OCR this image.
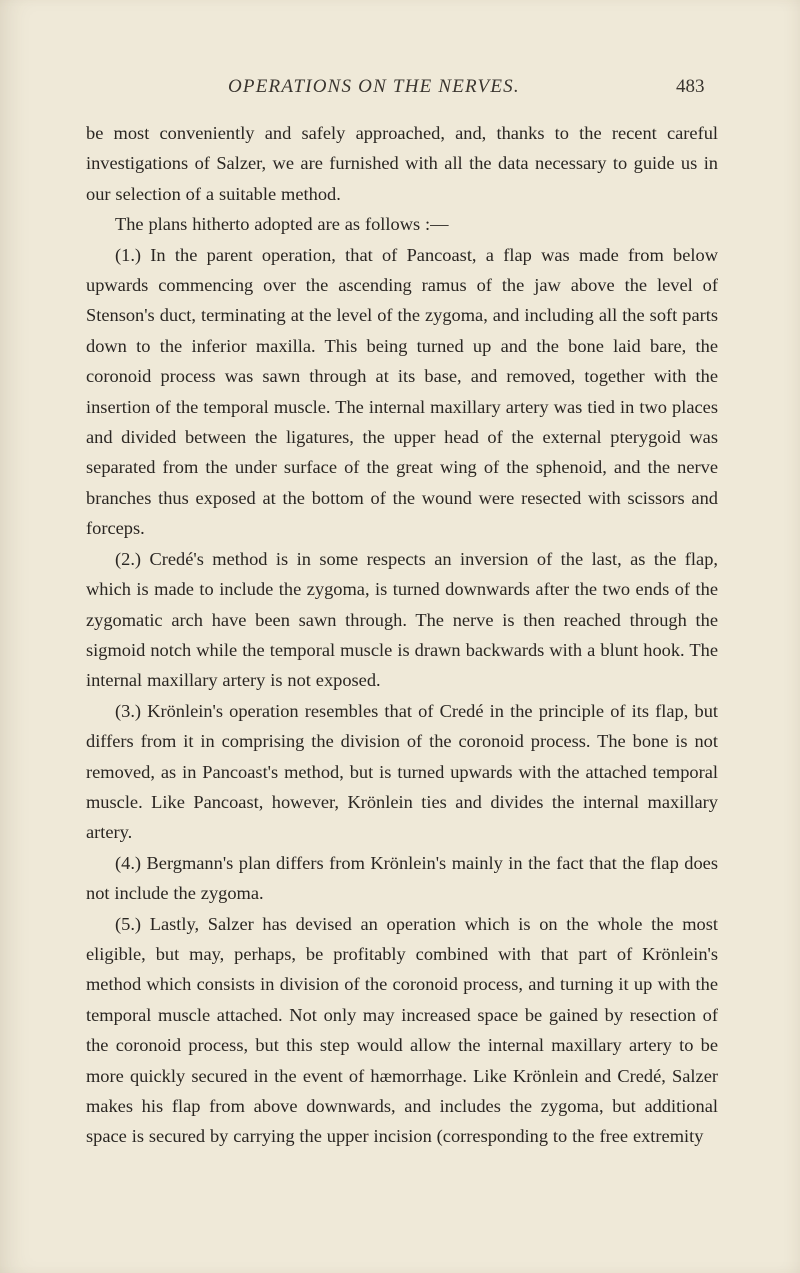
OPERATIONS ON THE NERVES.	483

be most conveniently and safely approached, and, thanks to the recent careful investigations of Salzer, we are furnished with all the data necessary to guide us in our selection of a suitable method.

The plans hitherto adopted are as follows :—

(1.) In the parent operation, that of Pancoast, a flap was made from below upwards commencing over the ascending ramus of the jaw above the level of Stenson's duct, terminating at the level of the zygoma, and including all the soft parts down to the inferior maxilla. This being turned up and the bone laid bare, the coronoid process was sawn through at its base, and removed, together with the insertion of the temporal muscle. The internal maxillary artery was tied in two places and divided between the ligatures, the upper head of the external pterygoid was separated from the under surface of the great wing of the sphenoid, and the nerve branches thus exposed at the bottom of the wound were resected with scissors and forceps.

(2.) Credé's method is in some respects an inversion of the last, as the flap, which is made to include the zygoma, is turned downwards after the two ends of the zygomatic arch have been sawn through. The nerve is then reached through the sigmoid notch while the temporal muscle is drawn backwards with a blunt hook. The internal maxillary artery is not exposed.

(3.) Krönlein's operation resembles that of Credé in the principle of its flap, but differs from it in comprising the division of the coronoid process. The bone is not removed, as in Pancoast's method, but is turned upwards with the attached temporal muscle. Like Pancoast, however, Krönlein ties and divides the internal maxillary artery.

(4.) Bergmann's plan differs from Krönlein's mainly in the fact that the flap does not include the zygoma.

(5.) Lastly, Salzer has devised an operation which is on the whole the most eligible, but may, perhaps, be profitably combined with that part of Krönlein's method which consists in division of the coronoid process, and turning it up with the temporal muscle attached. Not only may increased space be gained by resection of the coronoid process, but this step would allow the internal maxillary artery to be more quickly secured in the event of hæmorrhage. Like Krönlein and Credé, Salzer makes his flap from above downwards, and includes the zygoma, but additional space is secured by carrying the upper incision (corresponding to the free extremity
